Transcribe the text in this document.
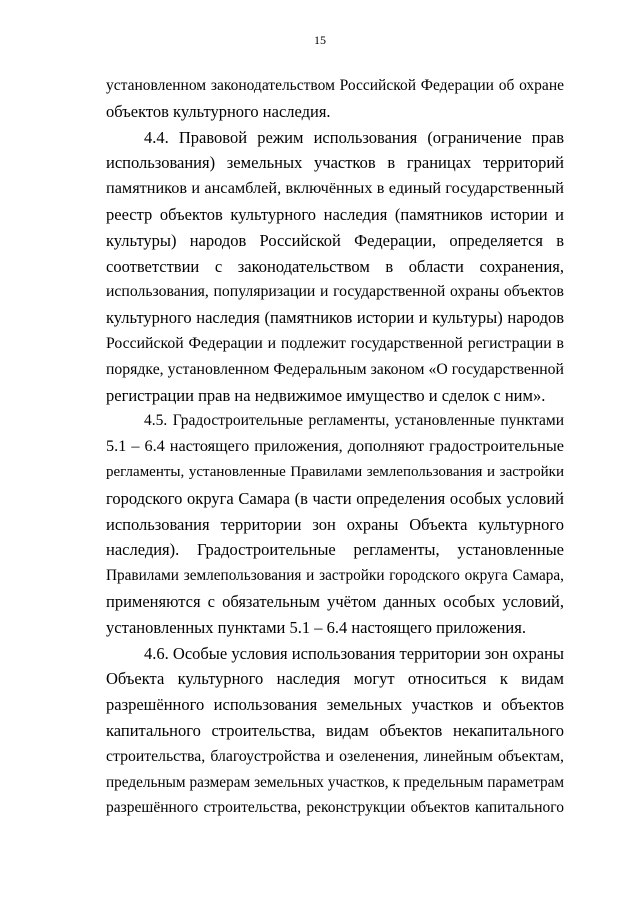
15

установленном законодательством Российской Федерации об охране

объектов культурного наследия.

4.4. Правовой режим использования (ограничение прав

использования) земельных участков в границах территорий

памятников и ансамблей, включённых в единый государственный

реестр объектов культурного наследия (памятников истории и

культуры) народов Российской Федерации, определяется в

соответствии с законодательством в области сохранения,

использования, популяризации и государственной охраны объектов

культурного наследия (памятников истории и культуры) народов

Российской Федерации и подлежит государственной регистрации в

порядке, установленном Федеральным законом «О государственной

регистрации прав на недвижимое имущество и сделок с ним».

4.5. Градостроительные регламенты, установленные пунктами

5.1 – 6.4 настоящего приложения, дополняют градостроительные

регламенты, установленные Правилами землепользования и застройки

городского округа Самара (в части определения особых условий

использования территории зон охраны Объекта культурного

наследия). Градостроительные регламенты, установленные

Правилами землепользования и застройки городского округа Самара,

применяются с обязательным учётом данных особых условий,

установленных пунктами 5.1 – 6.4 настоящего приложения.

4.6. Особые условия использования территории зон охраны

Объекта культурного наследия могут относиться к видам

разрешённого использования земельных участков и объектов

капитального строительства, видам объектов некапитального

строительства, благоустройства и озеленения, линейным объектам,

предельным размерам земельных участков, к предельным параметрам

разрешённого строительства, реконструкции объектов капитального
